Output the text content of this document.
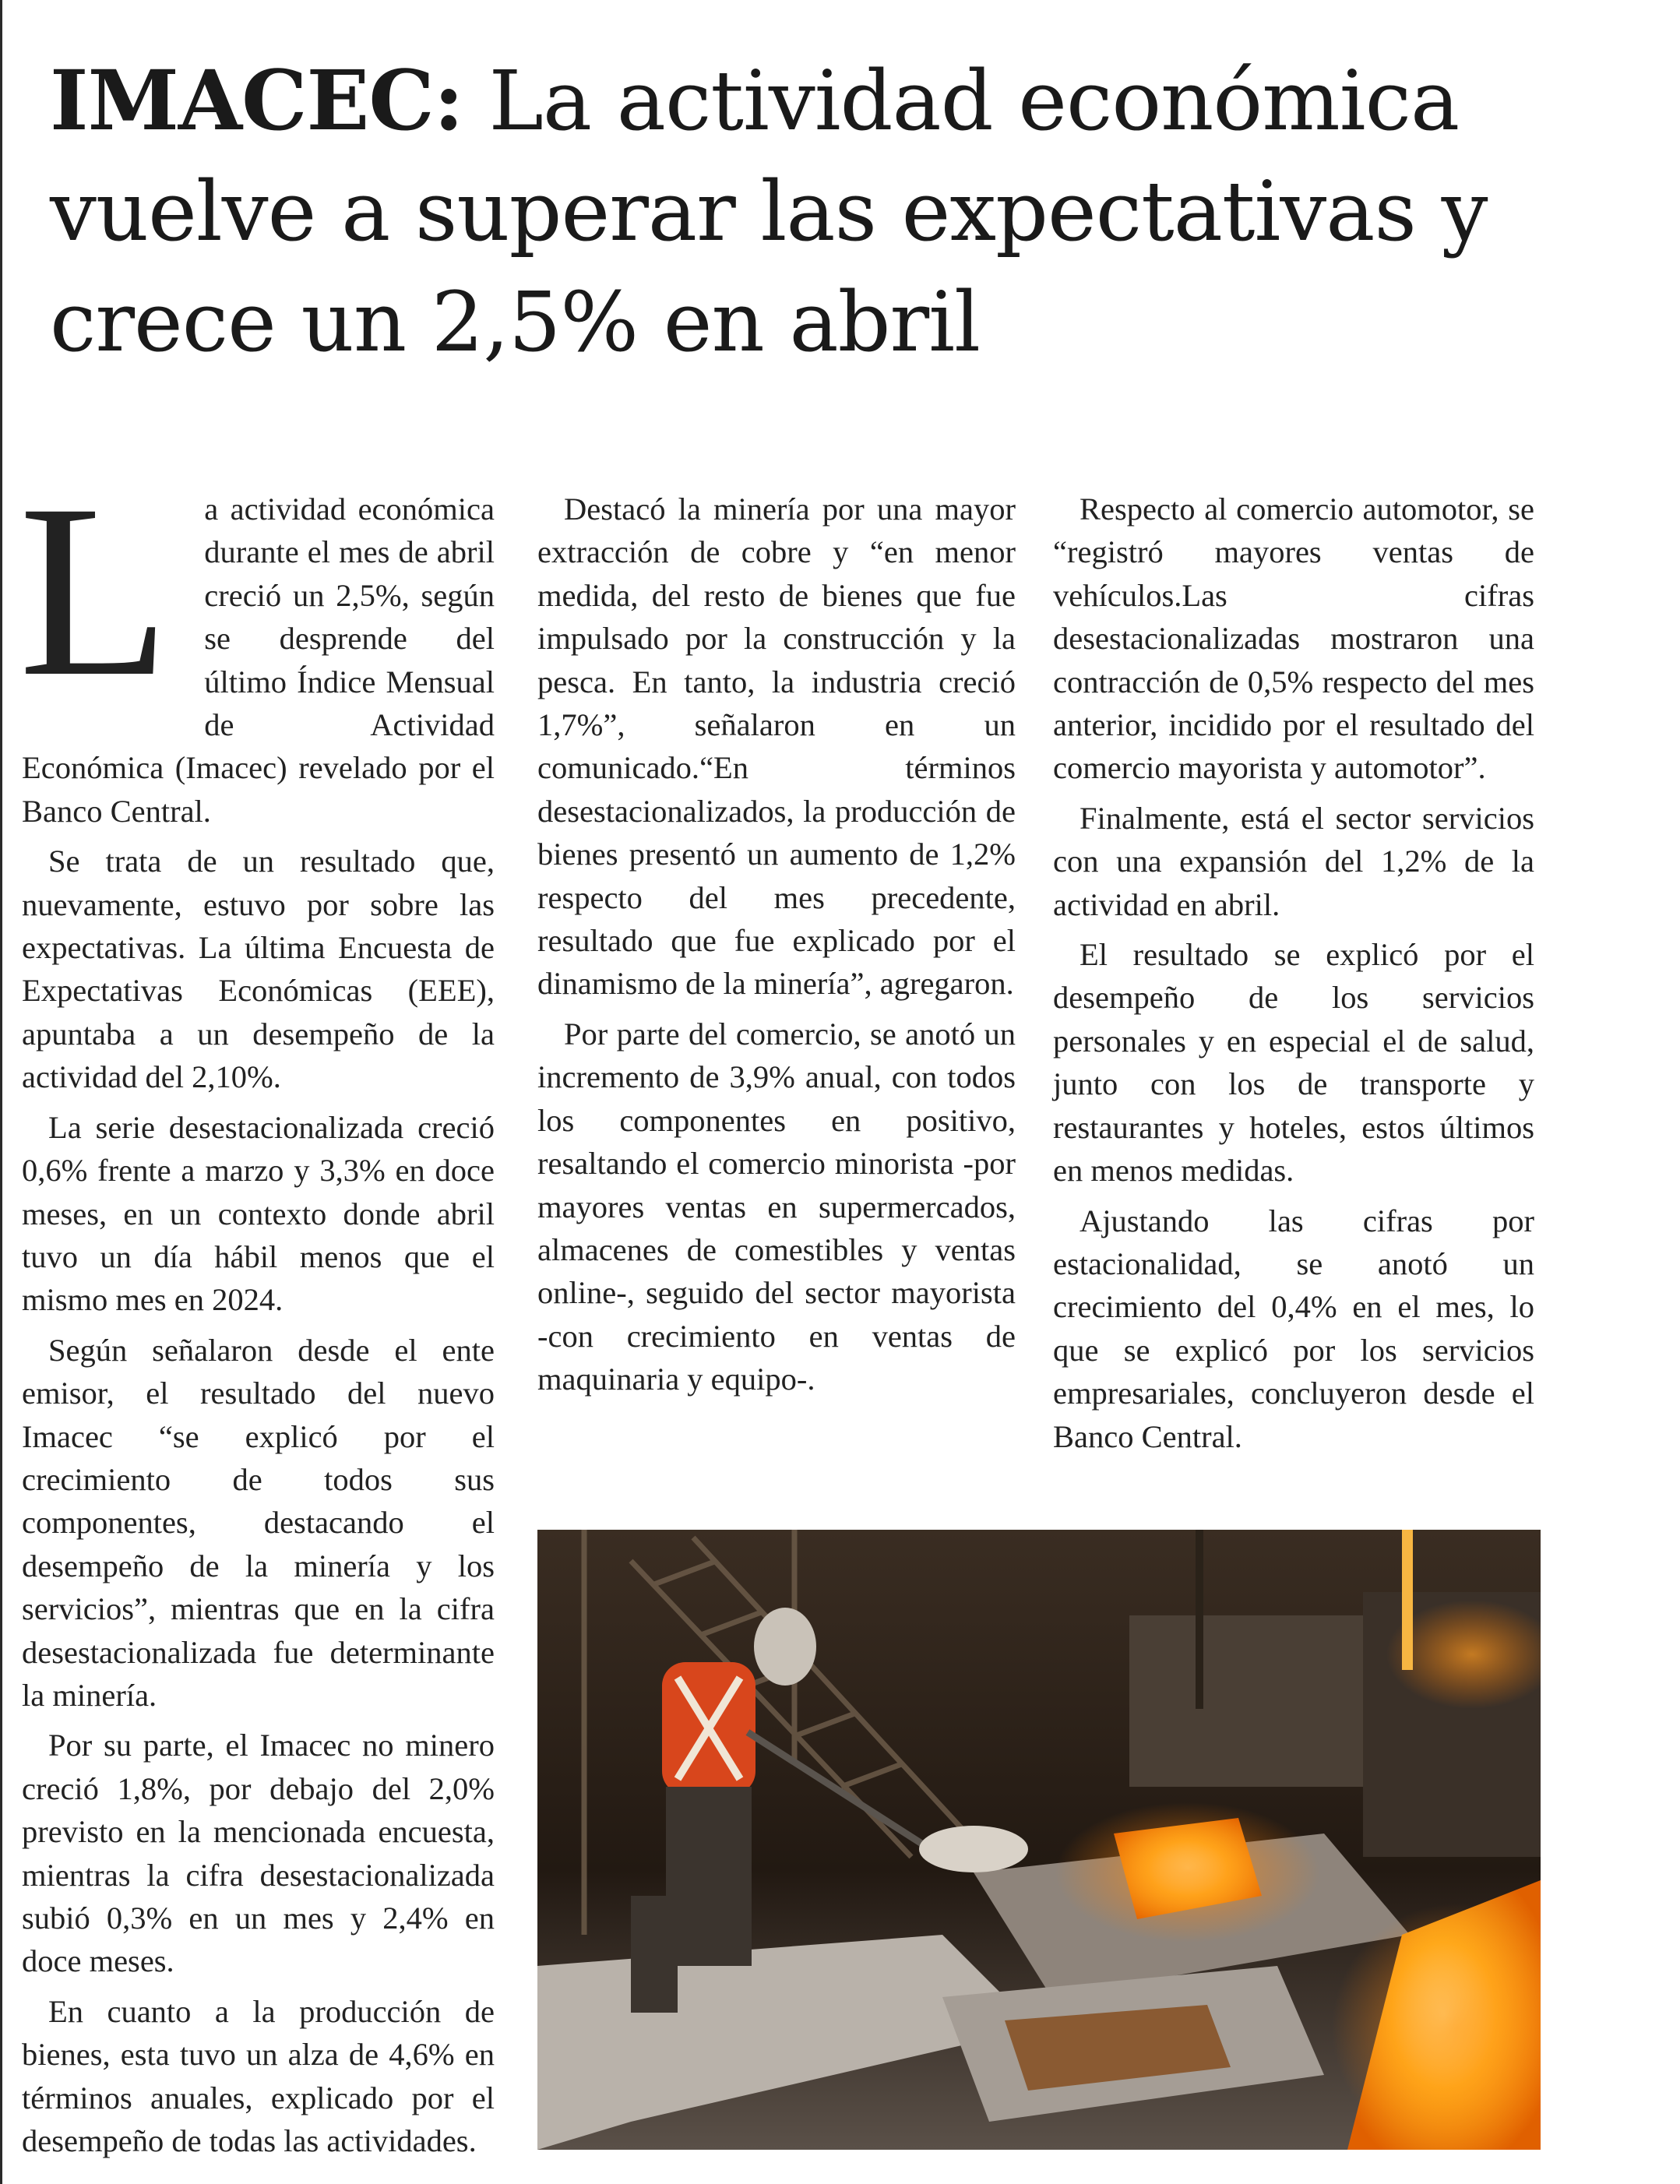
IMACEC: La actividad económica vuelve a superar las expectativas y crece un 2,5% en abril
L	a actividad económica durante el mes de abril creció un 2,5%, según se desprende del último Índice Mensual de Actividad Económica (Imacec) revelado por el Banco Central.

Se trata de un resultado que, nuevamente, estuvo por sobre las expectativas. La última Encuesta de Expectativas Económicas (EEE), apuntaba a un desempeño de la actividad del 2,10%.

La serie desestacionalizada creció 0,6% frente a marzo y 3,3% en doce meses, en un contexto donde abril tuvo un día hábil menos que el mismo mes en 2024.

Según señalaron desde el ente emisor, el resultado del nuevo Imacec “se explicó por el crecimiento de todos sus componentes, destacando el desempeño de la minería y los servicios”, mientras que en la cifra desestacionalizada fue determinante la minería.

Por su parte, el Imacec no minero creció 1,8%, por debajo del 2,0% previsto en la mencionada encuesta, mientras la cifra desestacionalizada subió 0,3% en un mes y 2,4% en doce meses.

En cuanto a la producción de bienes, esta tuvo un alza de 4,6% en términos anuales, explicado por el desempeño de todas las actividades.

Destacó la minería por una mayor extracción de cobre y “en menor medida, del resto de bienes que fue impulsado por la construcción y la pesca. En tanto, la industria creció 1,7%”, señalaron en un comunicado.“En términos desestacionalizados, la producción de bienes presentó un aumento de 1,2% respecto del mes precedente, resultado que fue explicado por el dinamismo de la minería”, agregaron.

Por parte del comercio, se anotó un incremento de 3,9% anual, con todos los componentes en positivo, resaltando el comercio minorista -por mayores ventas en supermercados, almacenes de comestibles y ventas online-, seguido del sector mayorista -con crecimiento en ventas de maquinaria y equipo-.

Respecto al comercio automotor, se “registró mayores ventas de vehículos.Las cifras desestacionalizadas mostraron una contracción de 0,5% respecto del mes anterior, incidido por el resultado del comercio mayorista y automotor”.

Finalmente, está el sector servicios con una expansión del 1,2% de la actividad en abril.

El resultado se explicó por el desempeño de los servicios personales y en especial el de salud, junto con los de transporte y restaurantes y hoteles, estos últimos en menos medidas.

Ajustando las cifras por estacionalidad, se anotó un crecimiento del 0,4% en el mes, lo que se explicó por los servicios empresariales, concluyeron desde el Banco Central.
